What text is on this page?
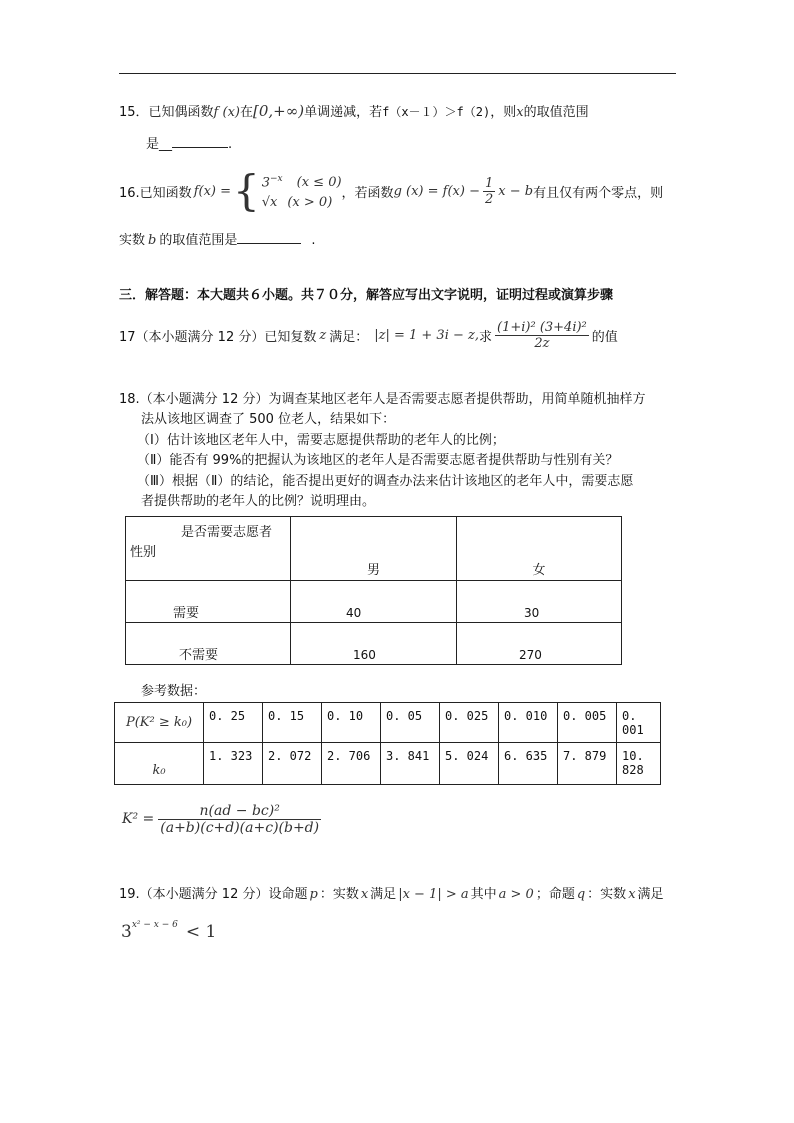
15．已知偶函数f (x)在[0,+∞)单调递减，若f（x－１）＞f（2)，则x的取值范围
是__	.
16.已知函数 f(x) = { $3^{-x}$ (x ≤ 0)
√x (x > 0)
，若函数 g $(x) = f(x) - \frac{1}{2}$ x − b 有且仅有两个零点，则
实数 b 的取值范围是	.
三．解答题：本大题共６小题。共７０分，解答应写出文字说明，证明过程或演算步骤
17（本小题满分 12 分）已知复数 z 满足： |z| = 1 + 3i − z, 求 $\frac{\text{(1+i)² (3+4i)²}}{2z}$ 的值
18.（本小题满分 12 分）为调查某地区老年人是否需要志愿者提供帮助，用简单随机抽样方
法从该地区调查了 500 位老人，结果如下：
（Ⅰ）估计该地区老年人中，需要志愿提供帮助的老年人的比例；
（Ⅱ）能否有 99%的把握认为该地区的老年人是否需要志愿者提供帮助与性别有关？
（Ⅲ）根据（Ⅱ）的结论，能否提出更好的调查办法来估计该地区的老年人中，需要志愿
者提供帮助的老年人的比例？说明理由。
是否需要志愿者
性别	男	女
需要	40	30
不需要	160	270
参考数据：
P(K² ≥ k₀)	0. 25	0. 15	0. 10	0. 05	0. 025	0. 010	0. 005	0. 001
k₀	1. 323	2. 072	2. 706	3. 841	5. 024	6. 635	7. 879	10. 828
$K^2 = \frac{\text{n(ad − bc)²}}{(a+b)(c+d)(a+c)(b+d)}$
19.（本小题满分 12 分）设命题 p ：实数 x 满足 |x − 1| > a 其中 a > 0 ；命题 q ：实数 x 满足
$3^{x^2 - x - 6} < 1$
